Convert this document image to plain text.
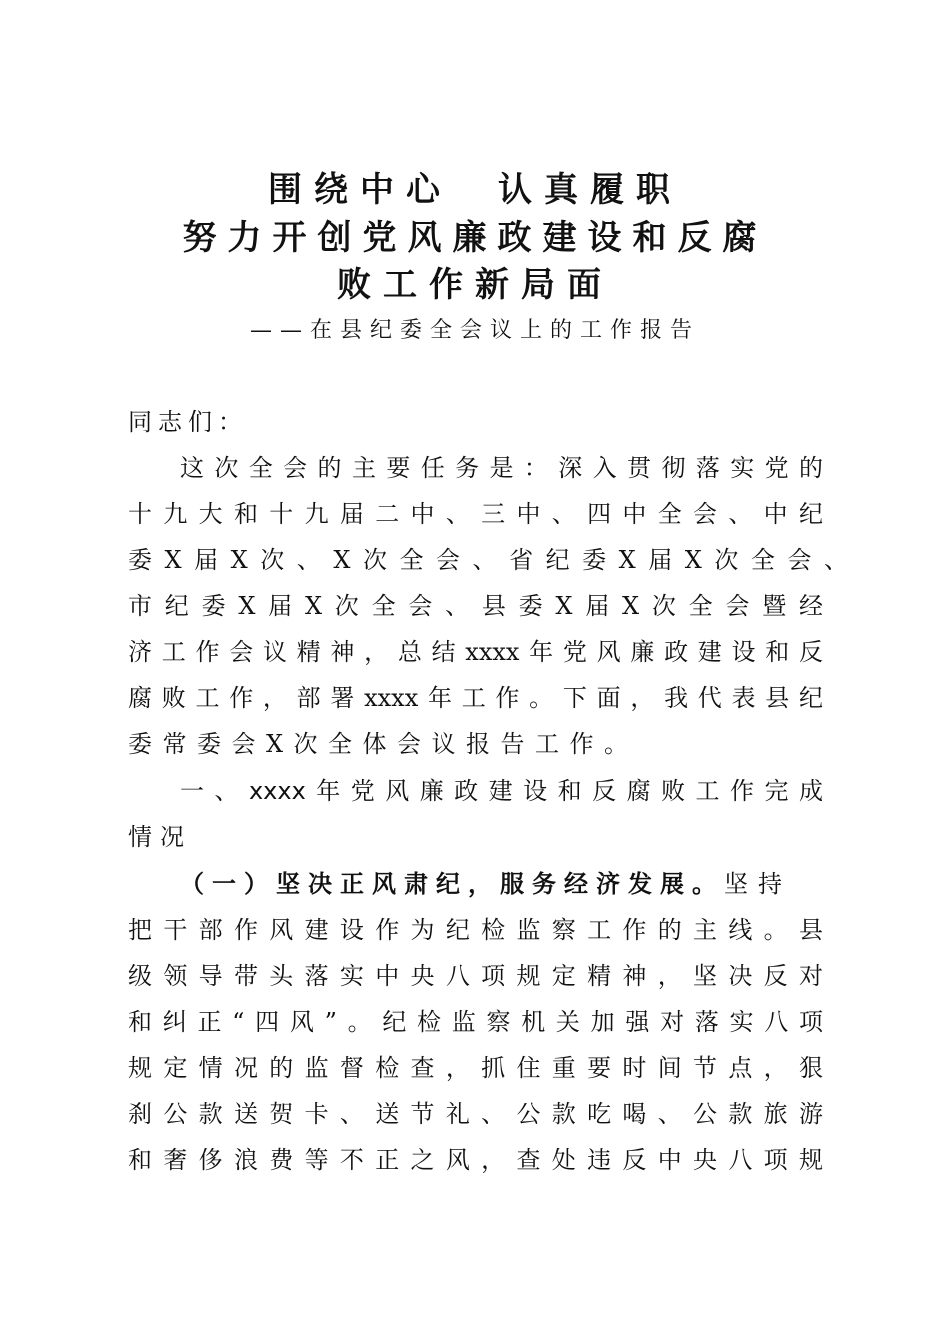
围绕中心　认真履职
努力开创党风廉政建设和反腐
败工作新局面
——在县纪委全会议上的工作报告
同志们：
这次全会的主要任务是：深入贯彻落实党的
十九大和十九届二中、三中、四中全会、中纪
委X届X次、X次全会、省纪委X届X次全会、
市纪委X届X次全会、县委X届X次全会暨经
济工作会议精神，总结xxxx年党风廉政建设和反
腐败工作，部署xxxx年工作。下面，我代表县纪
委常委会X次全体会议报告工作。
一、xxxx年党风廉政建设和反腐败工作完成
情况
（一）坚决正风肃纪，服务经济发展。坚持
把干部作风建设作为纪检监察工作的主线。县
级领导带头落实中央八项规定精神，坚决反对
和纠正“四风”。纪检监察机关加强对落实八项
规定情况的监督检查，抓住重要时间节点，狠
刹公款送贺卡、送节礼、公款吃喝、公款旅游
和奢侈浪费等不正之风，查处违反中央八项规
